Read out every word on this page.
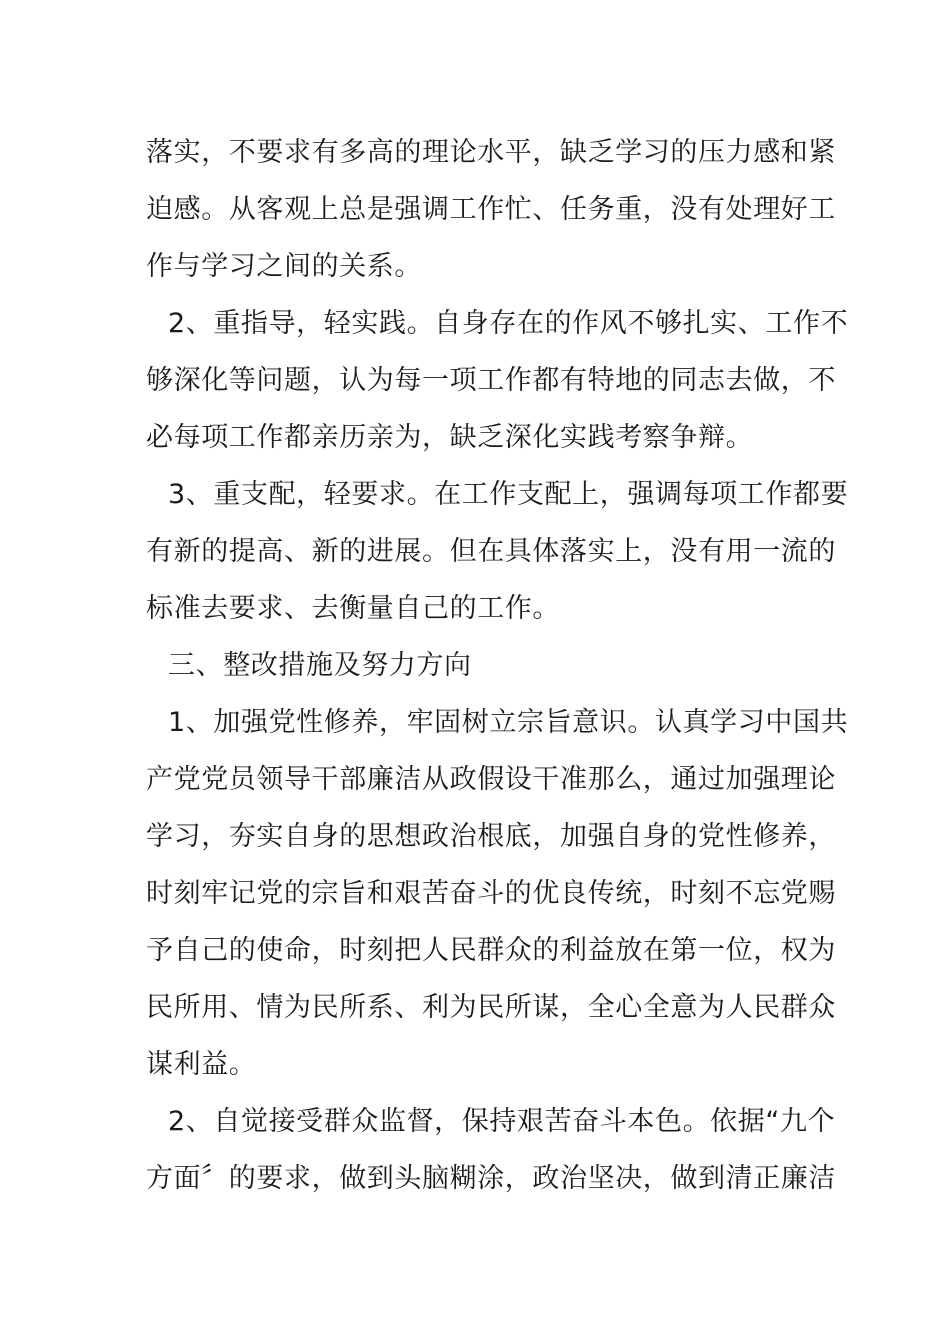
落实，不要求有多高的理论水平，缺乏学习的压力感和紧
迫感。从客观上总是强调工作忙、任务重，没有处理好工
作与学习之间的关系。
2、重指导，轻实践。自身存在的作风不够扎实、工作不
够深化等问题，认为每一项工作都有特地的同志去做，不
必每项工作都亲历亲为，缺乏深化实践考察争辩。
3、重支配，轻要求。在工作支配上，强调每项工作都要
有新的提高、新的进展。但在具体落实上，没有用一流的
标准去要求、去衡量自己的工作。
三、整改措施及努力方向
1、加强党性修养，牢固树立宗旨意识。认真学习中国共
产党党员领导干部廉洁从政假设干准那么，通过加强理论
学习，夯实自身的思想政治根底，加强自身的党性修养，
时刻牢记党的宗旨和艰苦奋斗的优良传统，时刻不忘党赐
予自己的使命，时刻把人民群众的利益放在第一位，权为
民所用、情为民所系、利为民所谋，全心全意为人民群众
谋利益。
2、自觉接受群众监督，保持艰苦奋斗本色。依据“九个
方面〞的要求，做到头脑糊涂，政治坚决，做到清正廉洁
